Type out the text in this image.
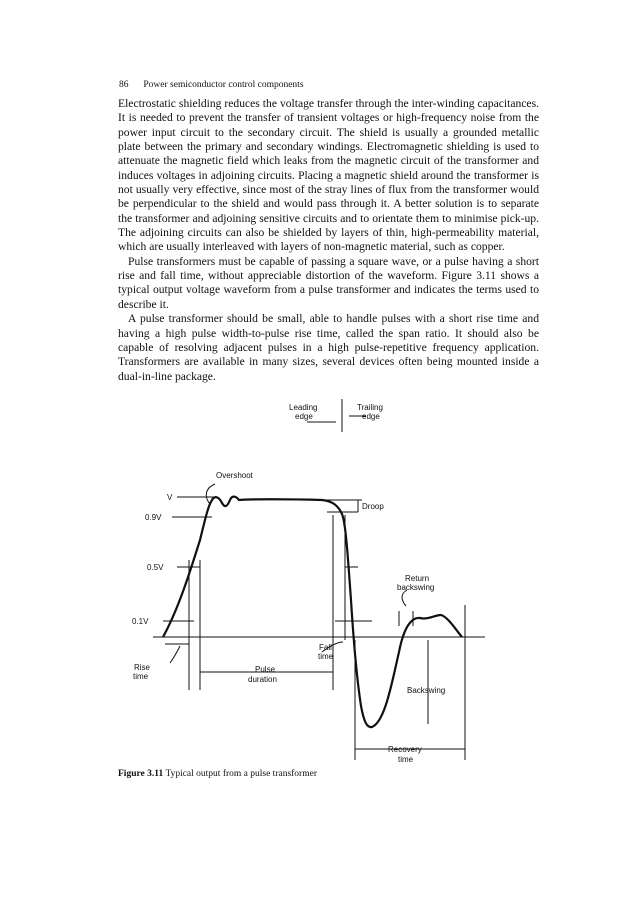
86 Power semiconductor control components

Electrostatic shielding reduces the voltage transfer through the inter-winding capacitances. It is needed to prevent the transfer of transient voltages or high-frequency noise from the power input circuit to the secondary circuit. The shield is usually a grounded metallic plate between the primary and secondary windings. Electromagnetic shielding is used to attenuate the magnetic field which leaks from the magnetic circuit of the transformer and induces voltages in adjoining circuits. Placing a magnetic shield around the transformer is not usually very effective, since most of the stray lines of flux from the transformer would be perpendicular to the shield and would pass through it. A better solution is to separate the transformer and adjoining sensitive circuits and to orientate them to minimise pick-up. The adjoining circuits can also be shielded by layers of thin, high-permeability material, which are usually interleaved with layers of non-magnetic material, such as copper.

Pulse transformers must be capable of passing a square wave, or a pulse having a short rise and fall time, without appreciable distortion of the waveform. Figure 3.11 shows a typical output voltage waveform from a pulse transformer and indicates the terms used to describe it.

A pulse transformer should be small, able to handle pulses with a short rise time and having a high pulse width-to-pulse rise time, called the span ratio. It should also be capable of resolving adjacent pulses in a high pulse-repetitive frequency application. Transformers are available in many sizes, several devices often being mounted inside a dual-in-line package.

Leading
edge
Trailing
edge
Overshoot
V
0.9V
0.5V
0.1V
Droop
Return
backswing
Fall
time
Rise
time
Pulse
duration
Backswing
Recovery
time
Figure 3.11 Typical output from a pulse transformer
